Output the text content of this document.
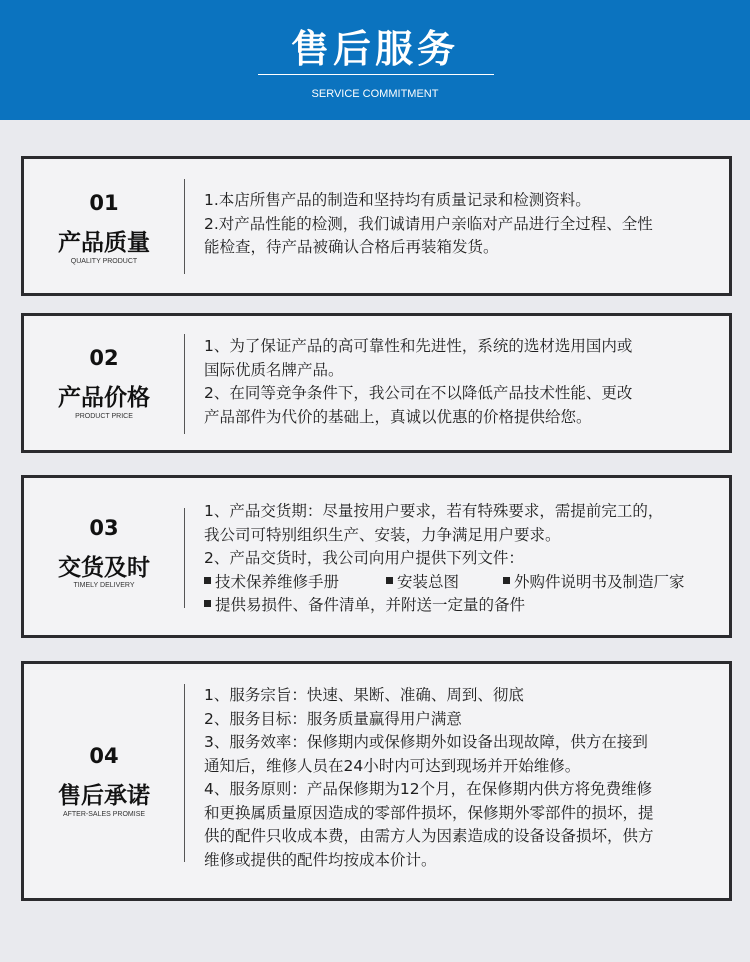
售后服务
SERVICE COMMITMENT
01
产品质量
QUALITY PRODUCT
1.本店所售产品的制造和坚持均有质量记录和检测资料。
2.对产品性能的检测，我们诚请用户亲临对产品进行全过程、全性
能检查，待产品被确认合格后再装箱发货。
02
产品价格
PRODUCT PRICE
1、为了保证产品的高可靠性和先进性，系统的选材选用国内或
国际优质名牌产品。
2、在同等竞争条件下，我公司在不以降低产品技术性能、更改
产品部件为代价的基础上，真诚以优惠的价格提供给您。
03
交货及时
TIMELY DELIVERY
1、产品交货期：尽量按用户要求，若有特殊要求，需提前完工的，
我公司可特别组织生产、安装，力争满足用户要求。
2、产品交货时，我公司向用户提供下列文件：
技术保养维修手册	安装总图	外购件说明书及制造厂家
提供易损件、备件清单，并附送一定量的备件
04
售后承诺
AFTER-SALES PROMISE
1、服务宗旨：快速、果断、准确、周到、彻底
2、服务目标：服务质量赢得用户满意
3、服务效率：保修期内或保修期外如设备出现故障，供方在接到
通知后，维修人员在24小时内可达到现场并开始维修。
4、服务原则：产品保修期为12个月，在保修期内供方将免费维修
和更换属质量原因造成的零部件损坏，保修期外零部件的损坏，提
供的配件只收成本费，由需方人为因素造成的设备设备损坏，供方
维修或提供的配件均按成本价计。
